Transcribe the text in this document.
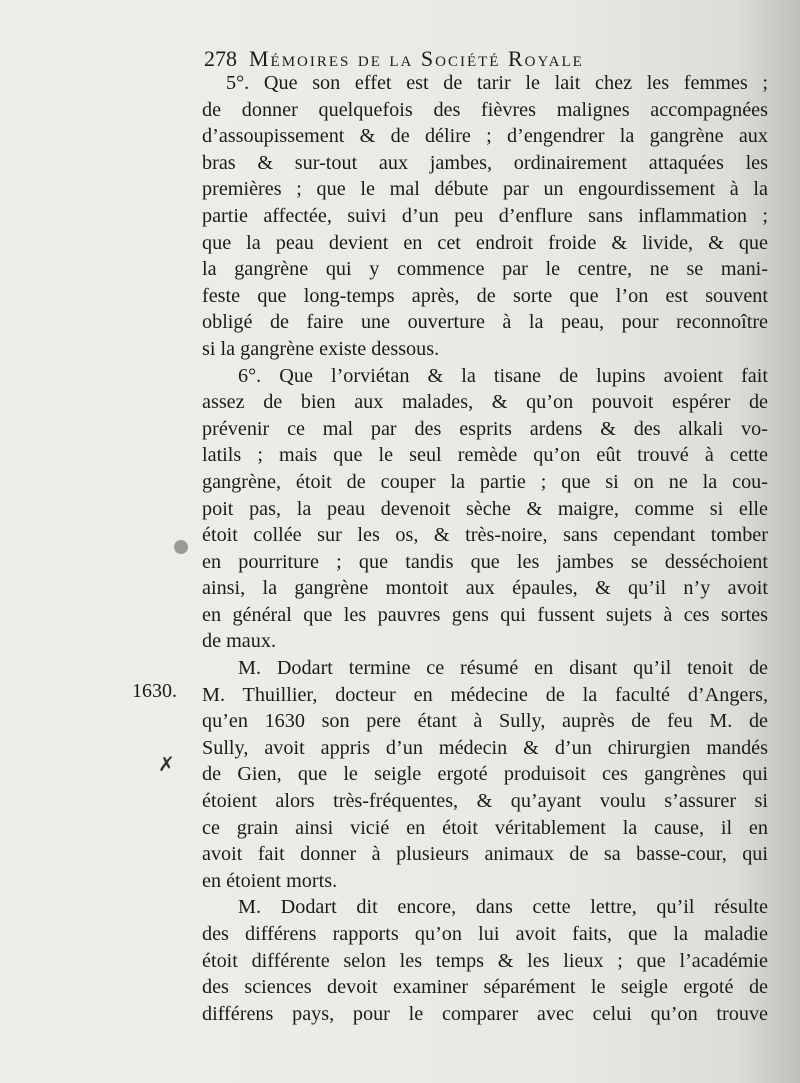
278 Mémoires de la Société Royale
1630.
✗
5°. Que son effet est de tarir le lait chez les femmes ;
de donner quelquefois des fièvres malignes accompagnées
d’assoupissement & de délire ; d’engendrer la gangrène aux
bras & sur-tout aux jambes, ordinairement attaquées les
premières ; que le mal débute par un engourdissement à la
partie affectée, suivi d’un peu d’enflure sans inflammation ;
que la peau devient en cet endroit froide & livide, & que
la gangrène qui y commence par le centre, ne se mani-
feste que long-temps après, de sorte que l’on est souvent
obligé de faire une ouverture à la peau, pour reconnoître
si la gangrène existe dessous.
6°. Que l’orviétan & la tisane de lupins avoient fait
assez de bien aux malades, & qu’on pouvoit espérer de
prévenir ce mal par des esprits ardens & des alkali vo-
latils ; mais que le seul remède qu’on eût trouvé à cette
gangrène, étoit de couper la partie ; que si on ne la cou-
poit pas, la peau devenoit sèche & maigre, comme si elle
étoit collée sur les os, & très-noire, sans cependant tomber
en pourriture ; que tandis que les jambes se desséchoient
ainsi, la gangrène montoit aux épaules, & qu’il n’y avoit
en général que les pauvres gens qui fussent sujets à ces sortes
de maux.
M. Dodart termine ce résumé en disant qu’il tenoit de
M. Thuillier, docteur en médecine de la faculté d’Angers,
qu’en 1630 son pere étant à Sully, auprès de feu M. de
Sully, avoit appris d’un médecin & d’un chirurgien mandés
de Gien, que le seigle ergoté produisoit ces gangrènes qui
étoient alors très-fréquentes, & qu’ayant voulu s’assurer si
ce grain ainsi vicié en étoit véritablement la cause, il en
avoit fait donner à plusieurs animaux de sa basse-cour, qui
en étoient morts.
M. Dodart dit encore, dans cette lettre, qu’il résulte
des différens rapports qu’on lui avoit faits, que la maladie
étoit différente selon les temps & les lieux ; que l’académie
des sciences devoit examiner séparément le seigle ergoté de
différens pays, pour le comparer avec celui qu’on trouve
